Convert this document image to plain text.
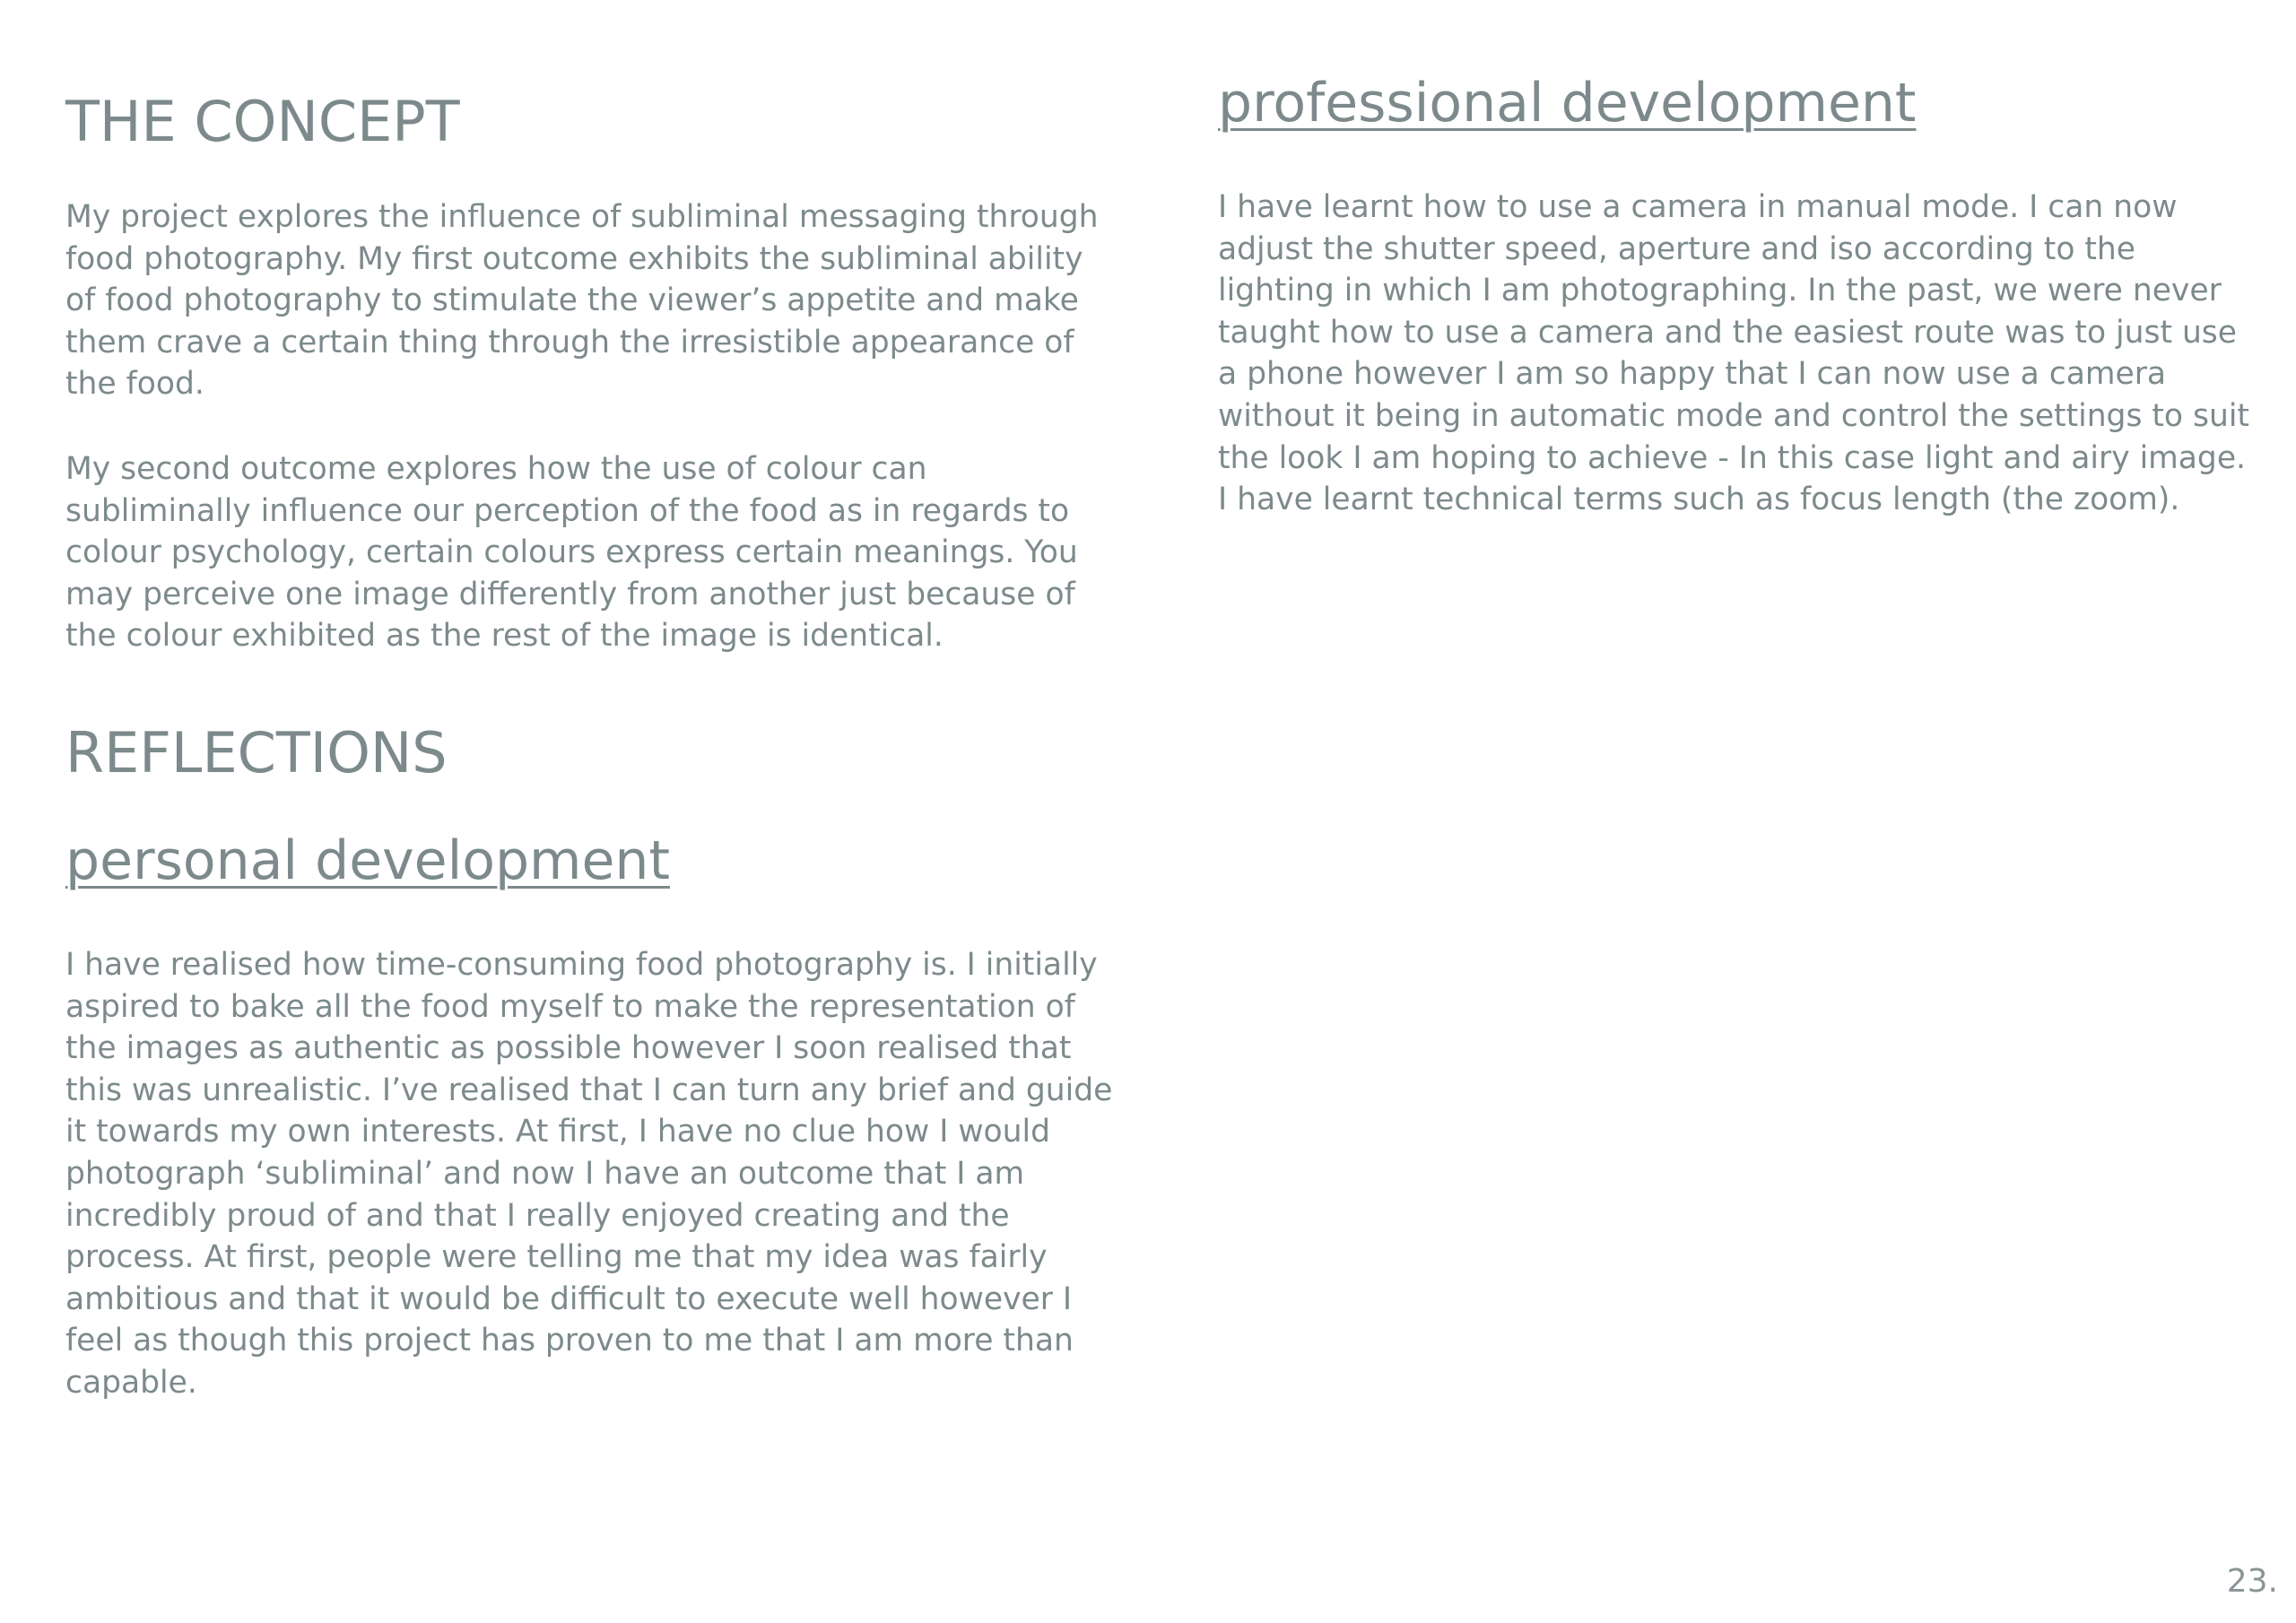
THE CONCEPT

My project explores the influence of subliminal messaging through food photography. My first outcome exhibits the subliminal ability of food photography to stimulate the viewer’s appetite and make them crave a certain thing through the irresistible appearance of the food.

My second outcome explores how the use of colour can subliminally influence our perception of the food as in regards to colour psychology, certain colours express certain meanings. You may perceive one image differently from another just because of the colour exhibited as the rest of the image is identical.

REFLECTIONS
personal development

I have realised how time-consuming food photography is. I initially aspired to bake all the food myself to make the representation of the images as authentic as possible however I soon realised that this was unrealistic. I’ve realised that I can turn any brief and guide it towards my own interests. At first, I have no clue how I would photograph ‘subliminal’ and now I have an outcome that I am incredibly proud of and that I really enjoyed creating and the process. At first, people were telling me that my idea was fairly ambitious and that it would be difficult to execute well however I feel as though this project has proven to me that I am more than capable.

professional development

I have learnt how to use a camera in manual mode. I can now adjust the shutter speed, aperture and iso according to the lighting in which I am photographing. In the past, we were never taught how to use a camera and the easiest route was to just use a phone however I am so happy that I can now use a camera without it being in automatic mode and control the settings to suit the look I am hoping to achieve - In this case light and airy image. I have learnt technical terms such as focus length (the zoom).

23.
